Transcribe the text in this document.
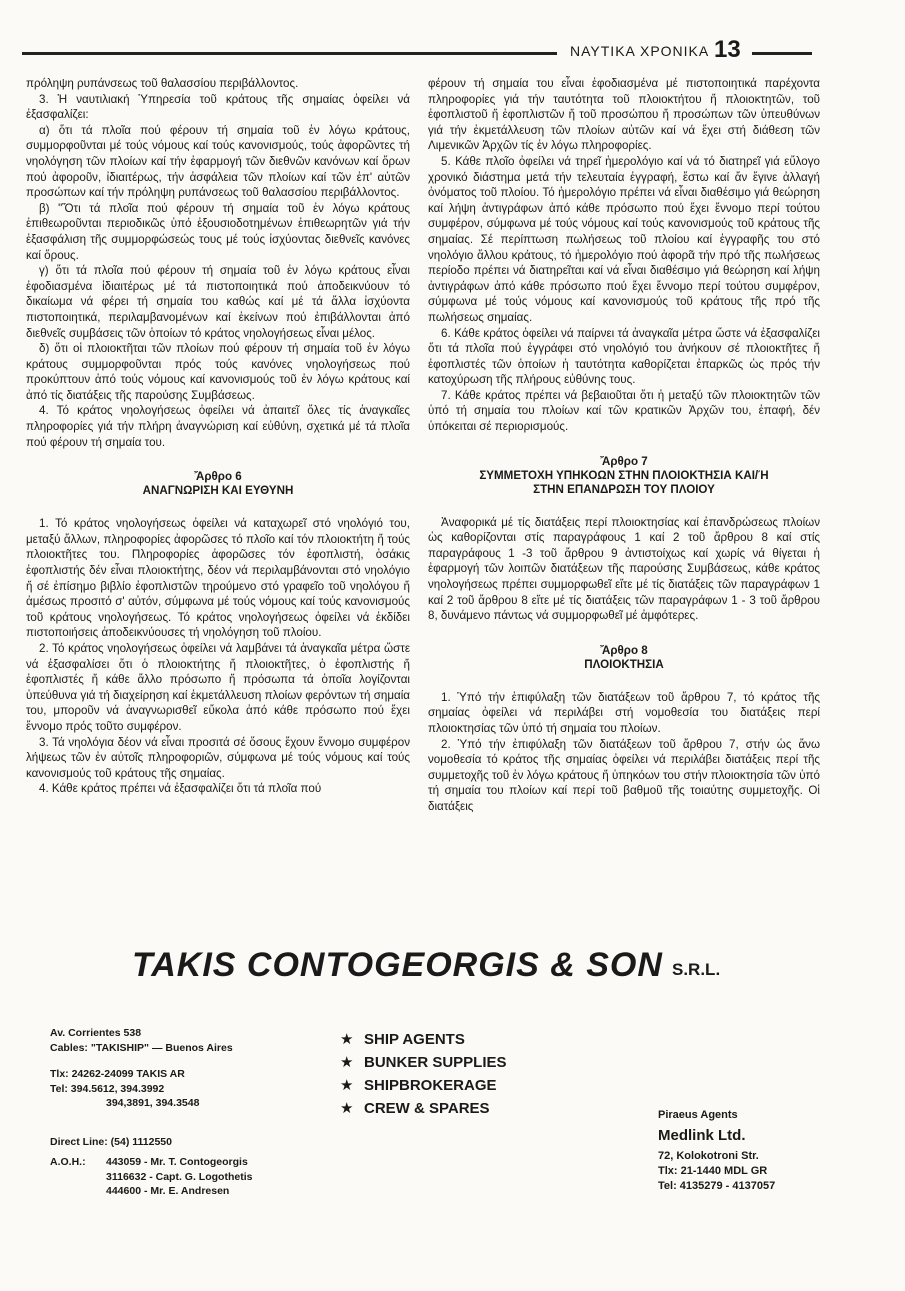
ΝΑΥΤΙΚΑ ΧΡΟΝΙΚΑ 13

πρόληψη ρυπάνσεως τοῦ θαλασσίου περιβάλλοντος.

3. Ἡ ναυτιλιακή Ὑπηρεσία τοῦ κράτους τῆς σημαίας ὀφείλει νά ἐξασφαλίζει:

α) ὅτι τά πλοῖα πού φέρουν τή σημαία τοῦ ἐν λόγω κράτους, συμμορφοῦνται μέ τούς νόμους καί τούς κανονισμούς, τούς ἀφορῶντες τή νηολόγηση τῶν πλοίων καί τήν ἐφαρμογή τῶν διεθνῶν κανόνων καί ὅρων πού ἀφοροῦν, ἰδιαιτέρως, τήν ἀσφάλεια τῶν πλοίων καί τῶν ἐπ' αὐτῶν προσώπων καί τήν πρόληψη ρυπάνσεως τοῦ θαλασσίου περιβάλλοντος.

β) "Ὅτι τά πλοῖα πού φέρουν τή σημαία τοῦ ἐν λόγω κράτους ἐπιθεωροῦνται περιοδικῶς ὑπό ἐξουσιοδοτημένων ἐπιθεωρητῶν γιά τήν ἐξασφάλιση τῆς συμμορφώσεώς τους μέ τούς ἰσχύοντας διεθνεῖς κανόνες καί ὅρους.

γ) ὅτι τά πλοῖα πού φέρουν τή σημαία τοῦ ἐν λόγω κράτους εἶναι ἐφοδιασμένα ἰδιαιτέρως μέ τά πιστοποιητικά πού ἀποδεικνύουν τό δικαίωμα νά φέρει τή σημαία του καθώς καί μέ τά ἄλλα ἰσχύοντα πιστοποιητικά, περιλαμβανομένων καί ἐκείνων πού ἐπιβάλλονται ἀπό διεθνεῖς συμβάσεις τῶν ὁποίων τό κράτος νηολογήσεως εἶναι μέλος.

δ) ὅτι οἱ πλοιοκτῆται τῶν πλοίων πού φέρουν τή σημαία τοῦ ἐν λόγω κράτους συμμορφοῦνται πρός τούς κανόνες νηολογήσεως πού προκύπτουν ἀπό τούς νόμους καί κανονισμούς τοῦ ἐν λόγω κράτους καί ἀπό τίς διατάξεις τῆς παρούσης Συμβάσεως.

4. Τό κράτος νηολογήσεως ὀφείλει νά ἀπαιτεῖ ὅλες τίς ἀναγκαῖες πληροφορίες γιά τήν πλήρη ἀναγνώριση καί εὐθύνη, σχετικά μέ τά πλοῖα πού φέρουν τή σημαία του.

Ἄρθρο 6
ΑΝΑΓΝΩΡΙΣΗ ΚΑΙ ΕΥΘΥΝΗ

1. Τό κράτος νηολογήσεως ὀφείλει νά καταχωρεῖ στό νηολόγιό του, μεταξύ ἄλλων, πληροφορίες ἀφορῶσες τό πλοῖο καί τόν πλοιοκτήτη ἤ τούς πλοιοκτῆτες του. Πληροφορίες ἀφορῶσες τόν ἐφοπλιστή, ὁσάκις ἐφοπλιστής δέν εἶναι πλοιοκτήτης, δέον νά περιλαμβάνονται στό νηολόγιο ἤ σέ ἐπίσημο βιβλίο ἐφοπλιστῶν τηρούμενο στό γραφεῖο τοῦ νηολόγου ἤ ἀμέσως προσιτό σ' αὐτόν, σύμφωνα μέ τούς νόμους καί τούς κανονισμούς τοῦ κράτους νηολογήσεως. Τό κράτος νηολογήσεως ὀφείλει νά ἐκδίδει πιστοποιήσεις ἀποδεικνύουσες τή νηολόγηση τοῦ πλοίου.

2. Τό κράτος νηολογήσεως ὀφείλει νά λαμβάνει τά ἀναγκαῖα μέτρα ὥστε νά ἐξασφαλίσει ὅτι ὁ πλοιοκτήτης ἤ πλοιοκτῆτες, ὁ ἐφοπλιστής ἤ ἐφοπλιστές ἤ κάθε ἄλλο πρόσωπο ἤ πρόσωπα τά ὁποῖα λογίζονται ὑπεύθυνα γιά τή διαχείρηση καί ἐκμετάλλευση πλοίων φερόντων τή σημαία του, μποροῦν νά ἀναγνωρισθεῖ εὔκολα ἀπό κάθε πρόσωπο πού ἔχει ἔννομο πρός τοῦτο συμφέρον.

3. Τά νηολόγια δέον νά εἶναι προσιτά σέ ὅσους ἔχουν ἔννομο συμφέρον λήψεως τῶν ἐν αὐτοῖς πληροφοριῶν, σύμφωνα μέ τούς νόμους καί τούς κανονισμούς τοῦ κράτους τῆς σημαίας.

4. Κάθε κράτος πρέπει νά ἐξασφαλίζει ὅτι τά πλοῖα πού

φέρουν τή σημαία του εἶναι ἐφοδιασμένα μέ πιστοποιητικά παρέχοντα πληροφορίες γιά τήν ταυτότητα τοῦ πλοιοκτήτου ἤ πλοιοκτητῶν, τοῦ ἐφοπλιστοῦ ἤ ἐφοπλιστῶν ἤ τοῦ προσώπου ἤ προσώπων τῶν ὑπευθύνων γιά τήν ἐκμετάλλευση τῶν πλοίων αὐτῶν καί νά ἔχει στή διάθεση τῶν Λιμενικῶν Ἀρχῶν τίς ἐν λόγω πληροφορίες.

5. Κάθε πλοῖο ὀφείλει νά τηρεῖ ἡμερολόγιο καί νά τό διατηρεῖ γιά εὔλογο χρονικό διάστημα μετά τήν τελευταία ἐγγραφή, ἔστω καί ἄν ἔγινε ἀλλαγή ὀνόματος τοῦ πλοίου. Τό ἡμερολόγιο πρέπει νά εἶναι διαθέσιμο γιά θεώρηση καί λήψη ἀντιγράφων ἀπό κάθε πρόσωπο πού ἔχει ἔννομο περί τούτου συμφέρον, σύμφωνα μέ τούς νόμους καί τούς κανονισμούς τοῦ κράτους τῆς σημαίας. Σέ περίπτωση πωλήσεως τοῦ πλοίου καί ἐγγραφῆς του στό νηολόγιο ἄλλου κράτους, τό ἡμερολόγιο πού ἀφορᾶ τήν πρό τῆς πωλήσεως περίοδο πρέπει νά διατηρεῖται καί νά εἶναι διαθέσιμο γιά θεώρηση καί λήψη ἀντιγράφων ἀπό κάθε πρόσωπο πού ἔχει ἔννομο περί τούτου συμφέρον, σύμφωνα μέ τούς νόμους καί κανονισμούς τοῦ κράτους τῆς πρό τῆς πωλήσεως σημαίας.

6. Κάθε κράτος ὀφείλει νά παίρνει τά ἀναγκαῖα μέτρα ὥστε νά ἐξασφαλίζει ὅτι τά πλοῖα πού ἐγγράφει στό νηολόγιό του ἀνήκουν σέ πλοιοκτῆτες ἤ ἐφοπλιστές τῶν ὁποίων ἡ ταυτότητα καθορίζεται ἐπαρκῶς ὡς πρός τήν κατοχύρωση τῆς πλήρους εὐθύνης τους.

7. Κάθε κράτος πρέπει νά βεβαιοῦται ὅτι ἡ μεταξύ τῶν πλοιοκτητῶν τῶν ὑπό τή σημαία του πλοίων καί τῶν κρατικῶν Ἀρχῶν του, ἐπαφή, δέν ὑπόκειται σέ περιορισμούς.

Ἄρθρο 7
ΣΥΜΜΕΤΟΧΗ ΥΠΗΚΟΩΝ ΣΤΗΝ ΠΛΟΙΟΚΤΗΣΙΑ ΚΑΙ/Ή
ΣΤΗΝ ΕΠΑΝΔΡΩΣΗ ΤΟΥ ΠΛΟΙΟΥ

Ἀναφορικά μέ τίς διατάξεις περί πλοιοκτησίας καί ἐπανδρώσεως πλοίων ὡς καθορίζονται στίς παραγράφους 1 καί 2 τοῦ ἄρθρου 8 καί στίς παραγράφους 1 -3 τοῦ ἄρθρου 9 ἀντιστοίχως καί χωρίς νά θίγεται ἡ ἐφαρμογή τῶν λοιπῶν διατάξεων τῆς παρούσης Συμβάσεως, κάθε κράτος νηολογήσεως πρέπει συμμορφωθεῖ εἴτε μέ τίς διατάξεις τῶν παραγράφων 1 καί 2 τοῦ ἄρθρου 8 εἴτε μέ τίς διατάξεις τῶν παραγράφων 1 - 3 τοῦ ἄρθρου 8, δυνάμενο πάντως νά συμμορφωθεῖ μέ ἀμφότερες.

Ἄρθρο 8
ΠΛΟΙΟΚΤΗΣΙΑ

1. Ὑπό τήν ἐπιφύλαξη τῶν διατάξεων τοῦ ἄρθρου 7, τό κράτος τῆς σημαίας ὀφείλει νά περιλάβει στή νομοθεσία του διατάξεις περί πλοιοκτησίας τῶν ὑπό τή σημαία του πλοίων.

2. Ὑπό τήν ἐπιφύλαξη τῶν διατάξεων τοῦ ἄρθρου 7, στήν ὡς ἄνω νομοθεσία τό κράτος τῆς σημαίας ὀφείλει νά περιλάβει διατάξεις περί τῆς συμμετοχῆς τοῦ ἐν λόγω κράτους ἤ ὑπηκόων του στήν πλοιοκτησία τῶν ὑπό τή σημαία του πλοίων καί περί τοῦ βαθμοῦ τῆς τοιαύτης συμμετοχῆς. Οἱ διατάξεις

TAKIS CONTOGEORGIS & SON S.R.L.
Av. Corrientes 538
Cables: "TAKISHIP" — Buenos Aires
Tlx: 24262-24099 TAKIS AR
Tel: 394.5612, 394.3992
394,3891, 394.3548
Direct Line: (54) 1112550
A.O.H.: 443059 - Mr. T. Contogeorgis
3116632 - Capt. G. Logothetis
444600 - Mr. E. Andresen
★ SHIP AGENTS
★ BUNKER SUPPLIES
★ SHIPBROKERAGE
★ CREW & SPARES	Piraeus Agents
Medlink Ltd.
72, Kolokotroni Str.
Tlx: 21-1440 MDL GR
Tel: 4135279 - 4137057
